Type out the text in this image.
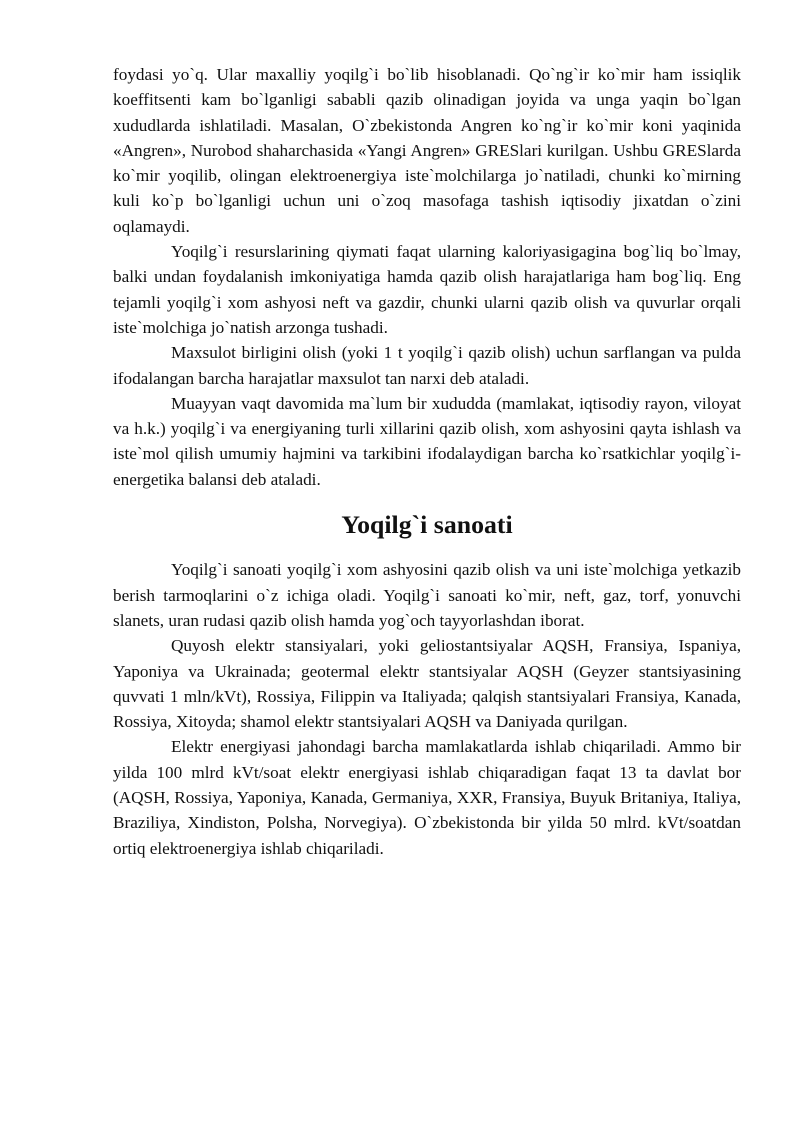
foydasi yo`q. Ular maxalliy yoqilg`i bo`lib hisoblanadi. Qo`ng`ir ko`mir ham issiqlik koeffitsenti kam bo`lganligi sababli qazib olinadigan joyida va unga yaqin bo`lgan xududlarda ishlatiladi. Masalan, O`zbekistonda Angren ko`ng`ir ko`mir koni yaqinida «Angren», Nurobod shaharchasida «Yangi Angren» GRESlari kurilgan. Ushbu GRESlarda ko`mir yoqilib, olingan elektroenergiya iste`molchilarga jo`natiladi, chunki ko`mirning kuli ko`p bo`lganligi uchun uni o`zoq masofaga tashish iqtisodiy jixatdan o`zini oqlamaydi.

Yoqilg`i resurslarining qiymati faqat ularning kaloriyasigagina bog`liq bo`lmay, balki undan foydalanish imkoniyatiga hamda qazib olish harajatlariga ham bog`liq. Eng tejamli yoqilg`i xom ashyosi neft va gazdir, chunki ularni qazib olish va quvurlar orqali iste`molchiga jo`natish arzonga tushadi.

Maxsulot birligini olish (yoki 1 t yoqilg`i qazib olish) uchun sarflangan va pulda ifodalangan barcha harajatlar maxsulot tan narxi deb ataladi.

Muayyan vaqt davomida ma`lum bir xududda (mamlakat, iqtisodiy rayon, viloyat va h.k.) yoqilg`i va energiyaning turli xillarini qazib olish, xom ashyosini qayta ishlash va iste`mol qilish umumiy hajmini va tarkibini ifodalaydigan barcha ko`rsatkichlar yoqilg`i-energetika balansi deb ataladi.

Yoqilg`i sanoati

Yoqilg`i sanoati yoqilg`i xom ashyosini qazib olish va uni iste`molchiga yetkazib berish tarmoqlarini o`z ichiga oladi. Yoqilg`i sanoati ko`mir, neft, gaz, torf, yonuvchi slanets, uran rudasi qazib olish hamda yog`och tayyorlashdan iborat.

Quyosh elektr stansiyalari, yoki geliostantsiyalar AQSH, Fransiya, Ispaniya, Yaponiya va Ukrainada; geotermal elektr stantsiyalar AQSH (Geyzer stantsiyasining quvvati 1 mln/kVt), Rossiya, Filippin va Italiyada; qalqish stantsiyalari Fransiya, Kanada, Rossiya, Xitoyda; shamol elektr stantsiyalari AQSH va Daniyada qurilgan.

Elektr energiyasi jahondagi barcha mamlakatlarda ishlab chiqariladi. Ammo bir yilda 100 mlrd kVt/soat elektr energiyasi ishlab chiqaradigan faqat 13 ta davlat bor (AQSH, Rossiya, Yaponiya, Kanada, Germaniya, XXR, Fransiya, Buyuk Britaniya, Italiya, Braziliya, Xindiston, Polsha, Norvegiya). O`zbekistonda bir yilda 50 mlrd. kVt/soatdan ortiq elektroenergiya ishlab chiqariladi.
